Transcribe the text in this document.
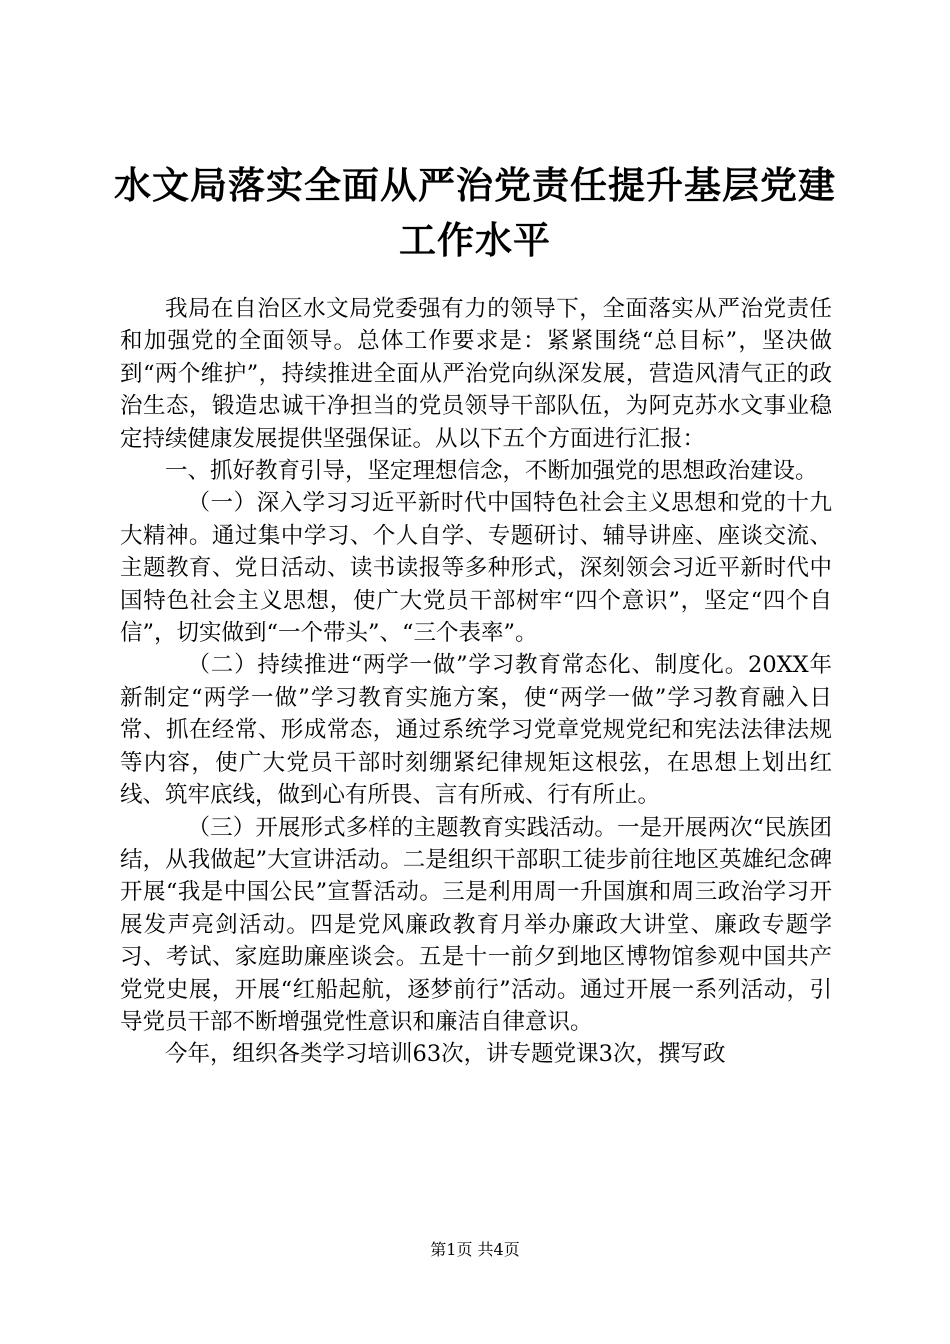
水文局落实全面从严治党责任提升基层党建工作水平

我局在自治区水文局党委强有力的领导下，全面落实从严治党责任和加强党的全面领导。总体工作要求是：紧紧围绕“总目标”，坚决做到“两个维护”，持续推进全面从严治党向纵深发展，营造风清气正的政治生态，锻造忠诚干净担当的党员领导干部队伍，为阿克苏水文事业稳定持续健康发展提供坚强保证。从以下五个方面进行汇报：

一、抓好教育引导，坚定理想信念，不断加强党的思想政治建设。

（一）深入学习习近平新时代中国特色社会主义思想和党的十九大精神。通过集中学习、个人自学、专题研讨、辅导讲座、座谈交流、主题教育、党日活动、读书读报等多种形式，深刻领会习近平新时代中国特色社会主义思想，使广大党员干部树牢“四个意识”，坚定“四个自信”，切实做到“一个带头”、“三个表率”。

（二）持续推进“两学一做”学习教育常态化、制度化。20XX年新制定“两学一做”学习教育实施方案，使“两学一做”学习教育融入日常、抓在经常、形成常态，通过系统学习党章党规党纪和宪法法律法规等内容，使广大党员干部时刻绷紧纪律规矩这根弦，在思想上划出红线、筑牢底线，做到心有所畏、言有所戒、行有所止。

（三）开展形式多样的主题教育实践活动。一是开展两次“民族团结，从我做起”大宣讲活动。二是组织干部职工徒步前往地区英雄纪念碑开展“我是中国公民”宣誓活动。三是利用周一升国旗和周三政治学习开展发声亮剑活动。四是党风廉政教育月举办廉政大讲堂、廉政专题学习、考试、家庭助廉座谈会。五是十一前夕到地区博物馆参观中国共产党党史展，开展“红船起航，逐梦前行”活动。通过开展一系列活动，引导党员干部不断增强党性意识和廉洁自律意识。

今年，组织各类学习培训63次，讲专题党课3次，撰写政

第1页 共4页
